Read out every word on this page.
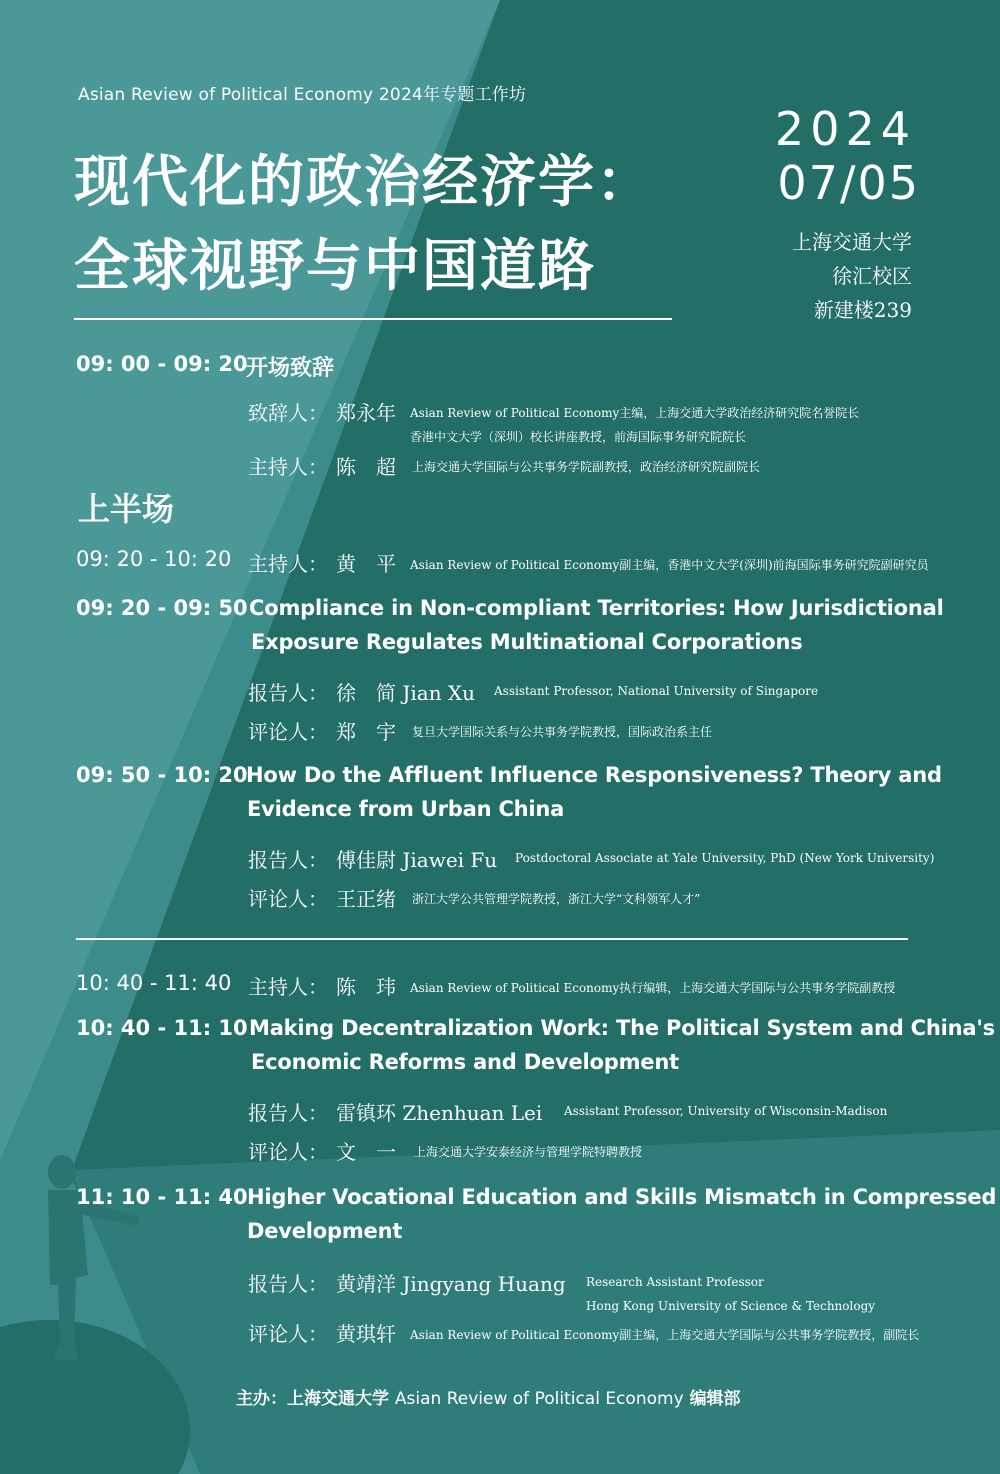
Asian Review of Political Economy 2024年专题工作坊
现代化的政治经济学：
全球视野与中国道路
2024
07/05
上海交通大学
徐汇校区
新建楼239
09: 00 - 09: 20
开场致辞
致辞人： 郑永年 Asian Review of Political Economy主编，上海交通大学政治经济研究院名誉院长
香港中文大学（深圳）校长讲座教授，前海国际事务研究院院长
主持人： 陈　超 上海交通大学国际与公共事务学院副教授，政治经济研究院副院长
上半场
09: 20 - 10: 20 主持人： 黄　平 Asian Review of Political Economy副主编，香港中文大学(深圳)前海国际事务研究院副研究员
09: 20 - 09: 50 Compliance in Non-compliant Territories: How Jurisdictional
Exposure Regulates Multinational Corporations
报告人： 徐　简 Jian Xu Assistant Professor, National University of Singapore
评论人： 郑　宇 复旦大学国际关系与公共事务学院教授，国际政治系主任
09: 50 - 10: 20
How Do the Affluent Influence Responsiveness? Theory and
Evidence from Urban China
报告人： 傅佳尉 Jiawei Fu Postdoctoral Associate at Yale University, PhD (New York University)
评论人： 王正绪 浙江大学公共管理学院教授，浙江大学“文科领军人才”
10: 40 - 11: 40 主持人： 陈　玮 Asian Review of Political Economy执行编辑，上海交通大学国际与公共事务学院副教授
10: 40 - 11: 10 Making Decentralization Work: The Political System and China's
Economic Reforms and Development
报告人： 雷镇环 Zhenhuan Lei Assistant Professor, University of Wisconsin-Madison
评论人： 文　一 上海交通大学安泰经济与管理学院特聘教授
11: 10 - 11: 40 Higher Vocational Education and Skills Mismatch in Compressed
Development
报告人： 黄靖洋 Jingyang Huang Research Assistant Professor
Hong Kong University of Science & Technology
评论人： 黄琪轩 Asian Review of Political Economy副主编，上海交通大学国际与公共事务学院教授，副院长
主办：上海交通大学 Asian Review of Political Economy 编辑部
